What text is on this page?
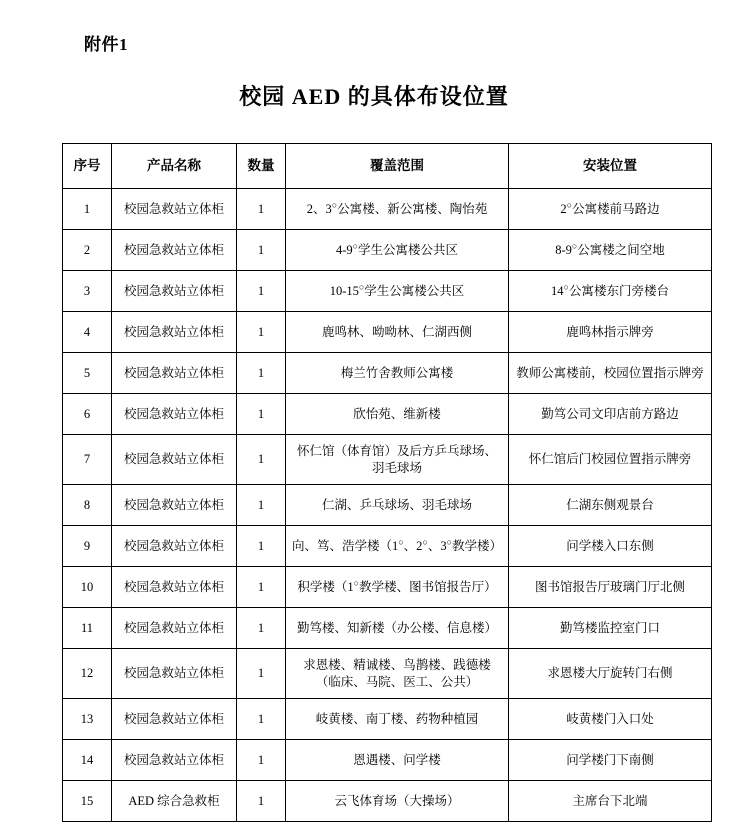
附件1
校园 AED 的具体布设位置
序号	产品名称	数量	覆盖范围	安装位置
1	校园急救站立体柜	1	2、3○公寓楼、新公寓楼、陶怡苑	2○公寓楼前马路边
2	校园急救站立体柜	1	4-9○学生公寓楼公共区	8-9○公寓楼之间空地
3	校园急救站立体柜	1	10-15○学生公寓楼公共区	14○公寓楼东门旁楼台
4	校园急救站立体柜	1	鹿鸣林、呦呦林、仁湖西侧	鹿鸣林指示牌旁
5	校园急救站立体柜	1	梅兰竹舍教师公寓楼	教师公寓楼前，校园位置指示牌旁
6	校园急救站立体柜	1	欣怡苑、维新楼	勤笃公司文印店前方路边
7	校园急救站立体柜	1	怀仁馆（体育馆）及后方乒乓球场、
羽毛球场	怀仁馆后门校园位置指示牌旁
8	校园急救站立体柜	1	仁湖、乒乓球场、羽毛球场	仁湖东侧观景台
9	校园急救站立体柜	1	向、笃、浩学楼（1○、2○、3○教学楼）	问学楼入口东侧
10	校园急救站立体柜	1	积学楼（1○教学楼、图书馆报告厅）	图书馆报告厅玻璃门厅北侧
11	校园急救站立体柜	1	勤笃楼、知新楼（办公楼、信息楼）	勤笃楼监控室门口
12	校园急救站立体柜	1	求恩楼、精诚楼、鸟鹊楼、践德楼
（临床、马院、医工、公共）	求恩楼大厅旋转门右侧
13	校园急救站立体柜	1	岐黄楼、南丁楼、药物种植园	岐黄楼门入口处
14	校园急救站立体柜	1	恩遇楼、问学楼	问学楼门下南侧
15	AED 综合急救柜	1	云飞体育场（大操场）	主席台下北端
